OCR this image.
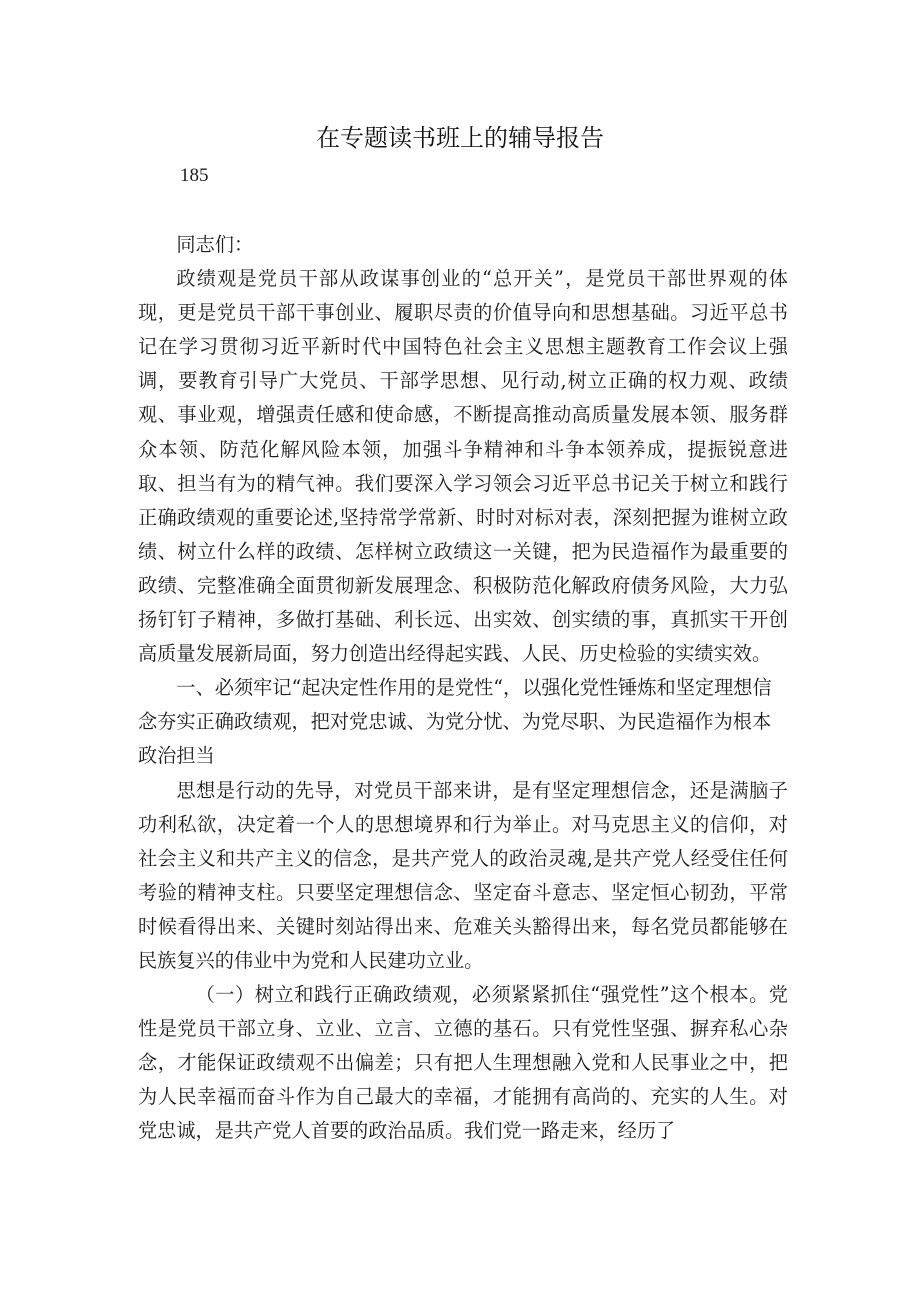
在专题读书班上的辅导报告
185

同志们：

政绩观是党员干部从政谋事创业的“总开关”，是党员干部世界观的体现，更是党员干部干事创业、履职尽责的价值导向和思想基础。习近平总书记在学习贯彻习近平新时代中国特色社会主义思想主题教育工作会议上强调，要教育引导广大党员、干部学思想、见行动,树立正确的权力观、政绩观、事业观，增强责任感和使命感，不断提高推动高质量发展本领、服务群众本领、防范化解风险本领，加强斗争精神和斗争本领养成，提振锐意进取、担当有为的精气神。我们要深入学习领会习近平总书记关于树立和践行正确政绩观的重要论述,坚持常学常新、时时对标对表，深刻把握为谁树立政绩、树立什么样的政绩、怎样树立政绩这一关键，把为民造福作为最重要的政绩、完整准确全面贯彻新发展理念、积极防范化解政府债务风险，大力弘扬钉钉子精神，多做打基础、利长远、出实效、创实绩的事，真抓实干开创高质量发展新局面，努力创造出经得起实践、人民、历史检验的实绩实效。

一、必须牢记“起决定性作用的是党性“，以强化党性锤炼和坚定理想信念夯实正确政绩观，把对党忠诚、为党分忧、为党尽职、为民造福作为根本政治担当

思想是行动的先导，对党员干部来讲，是有坚定理想信念，还是满脑子功利私欲，决定着一个人的思想境界和行为举止。对马克思主义的信仰，对社会主义和共产主义的信念，是共产党人的政治灵魂,是共产党人经受住任何考验的精神支柱。只要坚定理想信念、坚定奋斗意志、坚定恒心韧劲，平常时候看得出来、关键时刻站得出来、危难关头豁得出来，每名党员都能够在民族复兴的伟业中为党和人民建功立业。

（一）树立和践行正确政绩观，必须紧紧抓住“强党性”这个根本。党性是党员干部立身、立业、立言、立德的基石。只有党性坚强、摒弃私心杂念，才能保证政绩观不出偏差；只有把人生理想融入党和人民事业之中，把为人民幸福而奋斗作为自己最大的幸福，才能拥有高尚的、充实的人生。对党忠诚，是共产党人首要的政治品质。我们党一路走来，经历了
